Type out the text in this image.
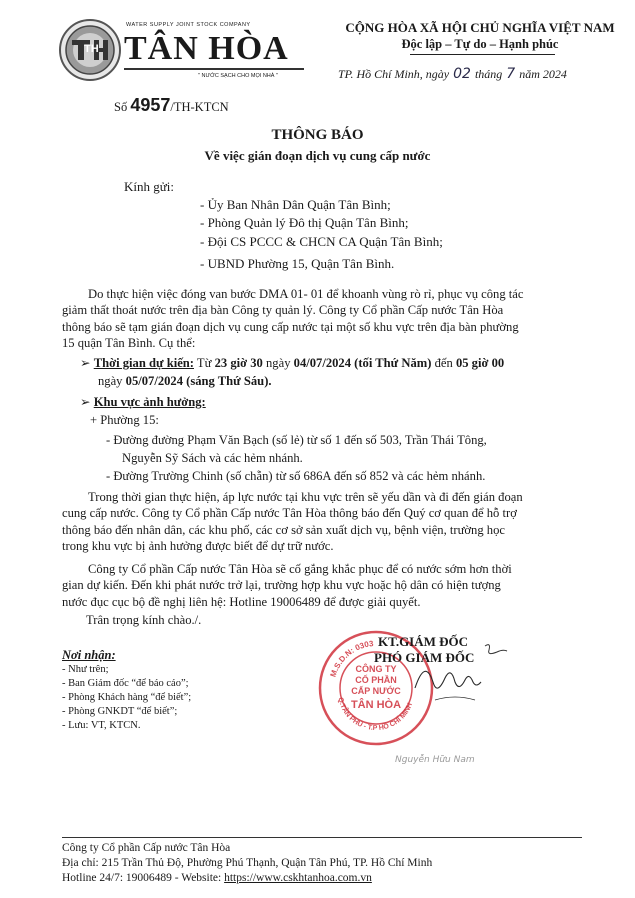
WATER SUPPLY JOINT STOCK COMPANY
TÂN HÒA
" NƯỚC SẠCH CHO MỌI NHÀ "
TH
Số 4957/TH-KTCN
CỘNG HÒA XÃ HỘI CHỦ NGHĨA VIỆT NAM
Độc lập – Tự do – Hạnh phúc
TP. Hồ Chí Minh, ngày 02 tháng 7 năm 2024
THÔNG BÁO
Về việc gián đoạn dịch vụ cung cấp nước
Kính gửi:
- Ủy Ban Nhân Dân Quận Tân Bình;
- Phòng Quản lý Đô thị Quận Tân Bình;
- Đội CS PCCC & CHCN CA Quận Tân Bình;
- UBND Phường 15, Quận Tân Bình.
Do thực hiện việc đóng van bước DMA 01- 01 để khoanh vùng rò rỉ, phục vụ công tác
giảm thất thoát nước trên địa bàn Công ty quản lý. Công ty Cổ phần Cấp nước Tân Hòa
thông báo sẽ tạm gián đoạn dịch vụ cung cấp nước tại một số khu vực trên địa bàn phường
15 quận Tân Bình. Cụ thể:
➢ Thời gian dự kiến: Từ 23 giờ 30 ngày 04/07/2024 (tối Thứ Năm) đến 05 giờ 00
ngày 05/07/2024 (sáng Thứ Sáu).
➢ Khu vực ảnh hưởng:
+ Phường 15:
- Đường đường Phạm Văn Bạch (số lẻ) từ số 1 đến số 503, Trần Thái Tông,
Nguyễn Sỹ Sách và các hẻm nhánh.
- Đường Trường Chinh (số chẵn) từ số 686A đến số 852 và các hẻm nhánh.
Trong thời gian thực hiện, áp lực nước tại khu vực trên sẽ yếu dần và đi đến gián đoạn
cung cấp nước. Công ty Cổ phần Cấp nước Tân Hòa thông báo đến Quý cơ quan để hỗ trợ
thông báo đến nhân dân, các khu phố, các cơ sở sản xuất dịch vụ, bệnh viện, trường học
trong khu vực bị ảnh hưởng được biết để dự trữ nước.
Công ty Cổ phần Cấp nước Tân Hòa sẽ cố gắng khắc phục để có nước sớm hơn thời
gian dự kiến. Đến khi phát nước trở lại, trường hợp khu vực hoặc hộ dân có hiện tượng
nước đục cục bộ đề nghị liên hệ: Hotline 19006489 để được giải quyết.
Trân trọng kính chào./.
Nơi nhận:
- Như trên;
- Ban Giám đốc “để báo cáo”;
- Phòng Khách hàng “để biết”;
- Phòng GNKDT “để biết”;
- Lưu: VT, KTCN.
M.S.D.N: 0303
Q.TÂN PHÚ - T.P HỒ CHÍ MINH
CÔNG TY
CỔ PHẦN
CẤP NƯỚC
TÂN HÒA
KT.GIÁM ĐỐC
PHÓ GIÁM ĐỐC
Nguyễn Hữu Nam
Công ty Cổ phần Cấp nước Tân Hòa
Địa chỉ: 215 Trần Thủ Độ, Phường Phú Thạnh, Quận Tân Phú, TP. Hồ Chí Minh
Hotline 24/7: 19006489 - Website: https://www.cskhtanhoa.com.vn
